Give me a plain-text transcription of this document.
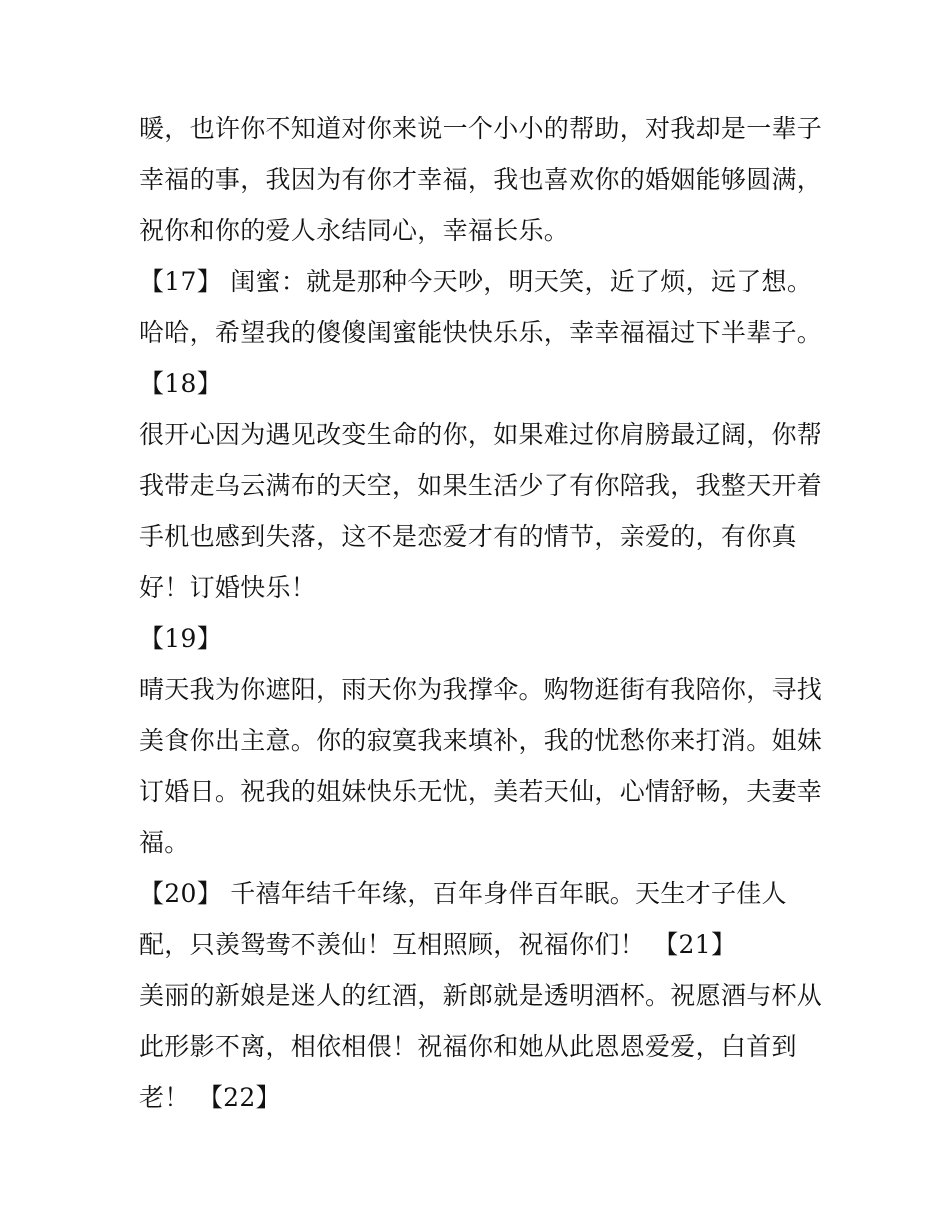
暖，也许你不知道对你来说一个小小的帮助，对我却是一辈子
幸福的事，我因为有你才幸福，我也喜欢你的婚姻能够圆满，
祝你和你的爱人永结同心，幸福长乐。
【17】 闺蜜：就是那种今天吵，明天笑，近了烦，远了想。
哈哈，希望我的傻傻闺蜜能快快乐乐，幸幸福福过下半辈子。
【18】
很开心因为遇见改变生命的你，如果难过你肩膀最辽阔，你帮
我带走乌云满布的天空，如果生活少了有你陪我，我整天开着
手机也感到失落，这不是恋爱才有的情节，亲爱的，有你真
好！订婚快乐！
【19】
晴天我为你遮阳，雨天你为我撑伞。购物逛街有我陪你，寻找
美食你出主意。你的寂寞我来填补，我的忧愁你来打消。姐妹
订婚日。祝我的姐妹快乐无忧，美若天仙，心情舒畅，夫妻幸
福。
【20】 千禧年结千年缘，百年身伴百年眠。天生才子佳人
配，只羡鸳鸯不羡仙！互相照顾，祝福你们！ 【21】
美丽的新娘是迷人的红酒，新郎就是透明酒杯。祝愿酒与杯从
此形影不离，相依相偎！祝福你和她从此恩恩爱爱，白首到
老！ 【22】
